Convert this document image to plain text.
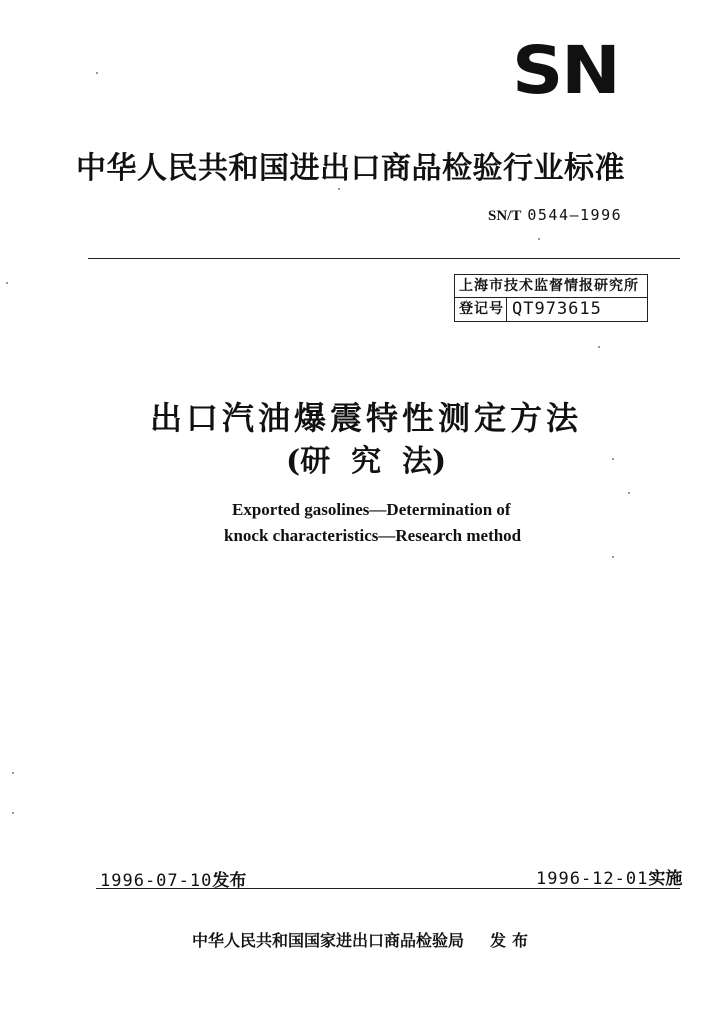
SN
中华人民共和国进出口商品检验行业标准
SN/T 0544—1996
上海市技术监督情报研究所
登记号 QT973615
出口汽油爆震特性测定方法
(研  究  法)
Exported gasolines—Determination of
knock characteristics—Research method
1996-07-10发布	1996-12-01实施
中华人民共和国国家进出口商品检验局 发布
